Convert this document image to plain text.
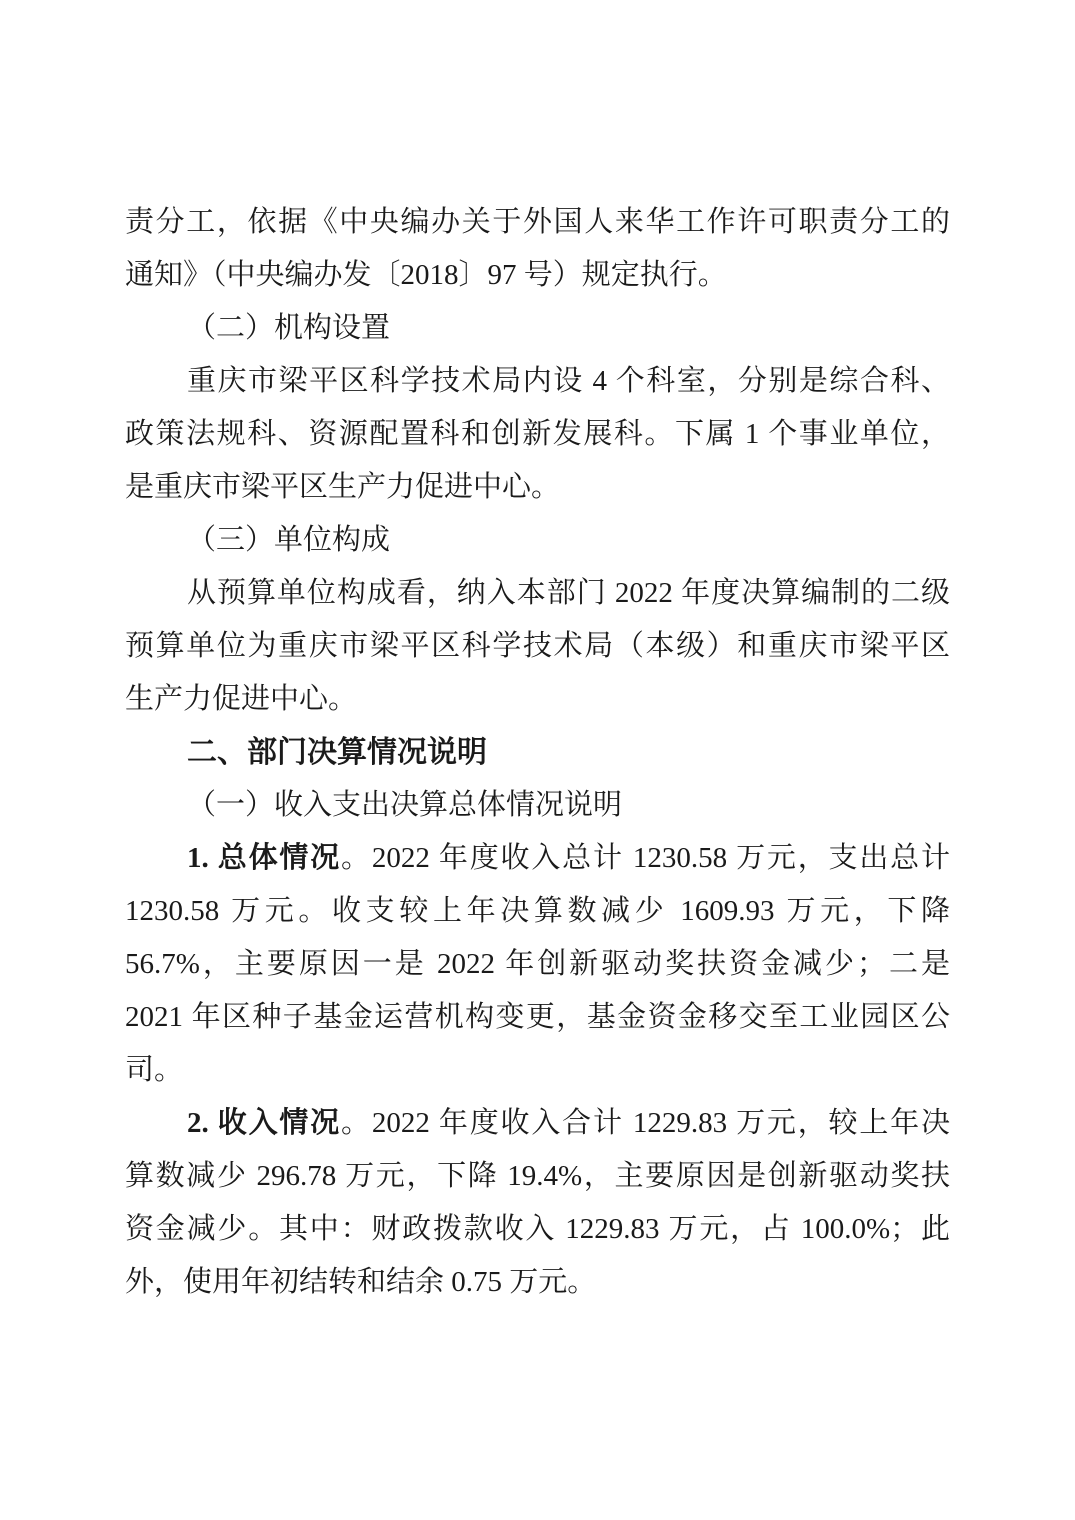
责分工，依据《中央编办关于外国人来华工作许可职责分工的
通知》（中央编办发〔2018〕97 号）规定执行。
（二）机构设置
重庆市梁平区科学技术局内设 4 个科室，分别是综合科、
政策法规科、资源配置科和创新发展科。下属 1 个事业单位，
是重庆市梁平区生产力促进中心。
（三）单位构成
从预算单位构成看，纳入本部门 2022 年度决算编制的二级
预算单位为重庆市梁平区科学技术局（本级）和重庆市梁平区
生产力促进中心。
二、部门决算情况说明
（一）收入支出决算总体情况说明
1. 总体情况。2022 年度收入总计 1230.58 万元，支出总计
1230.58 万元。收支较上年决算数减少 1609.93 万元，下降
56.7%，主要原因一是 2022 年创新驱动奖扶资金减少；二是
2021 年区种子基金运营机构变更，基金资金移交至工业园区公
司。
2. 收入情况。2022 年度收入合计 1229.83 万元，较上年决
算数减少 296.78 万元，下降 19.4%，主要原因是创新驱动奖扶
资金减少。其中：财政拨款收入 1229.83 万元，占 100.0%；此
外，使用年初结转和结余 0.75 万元。
